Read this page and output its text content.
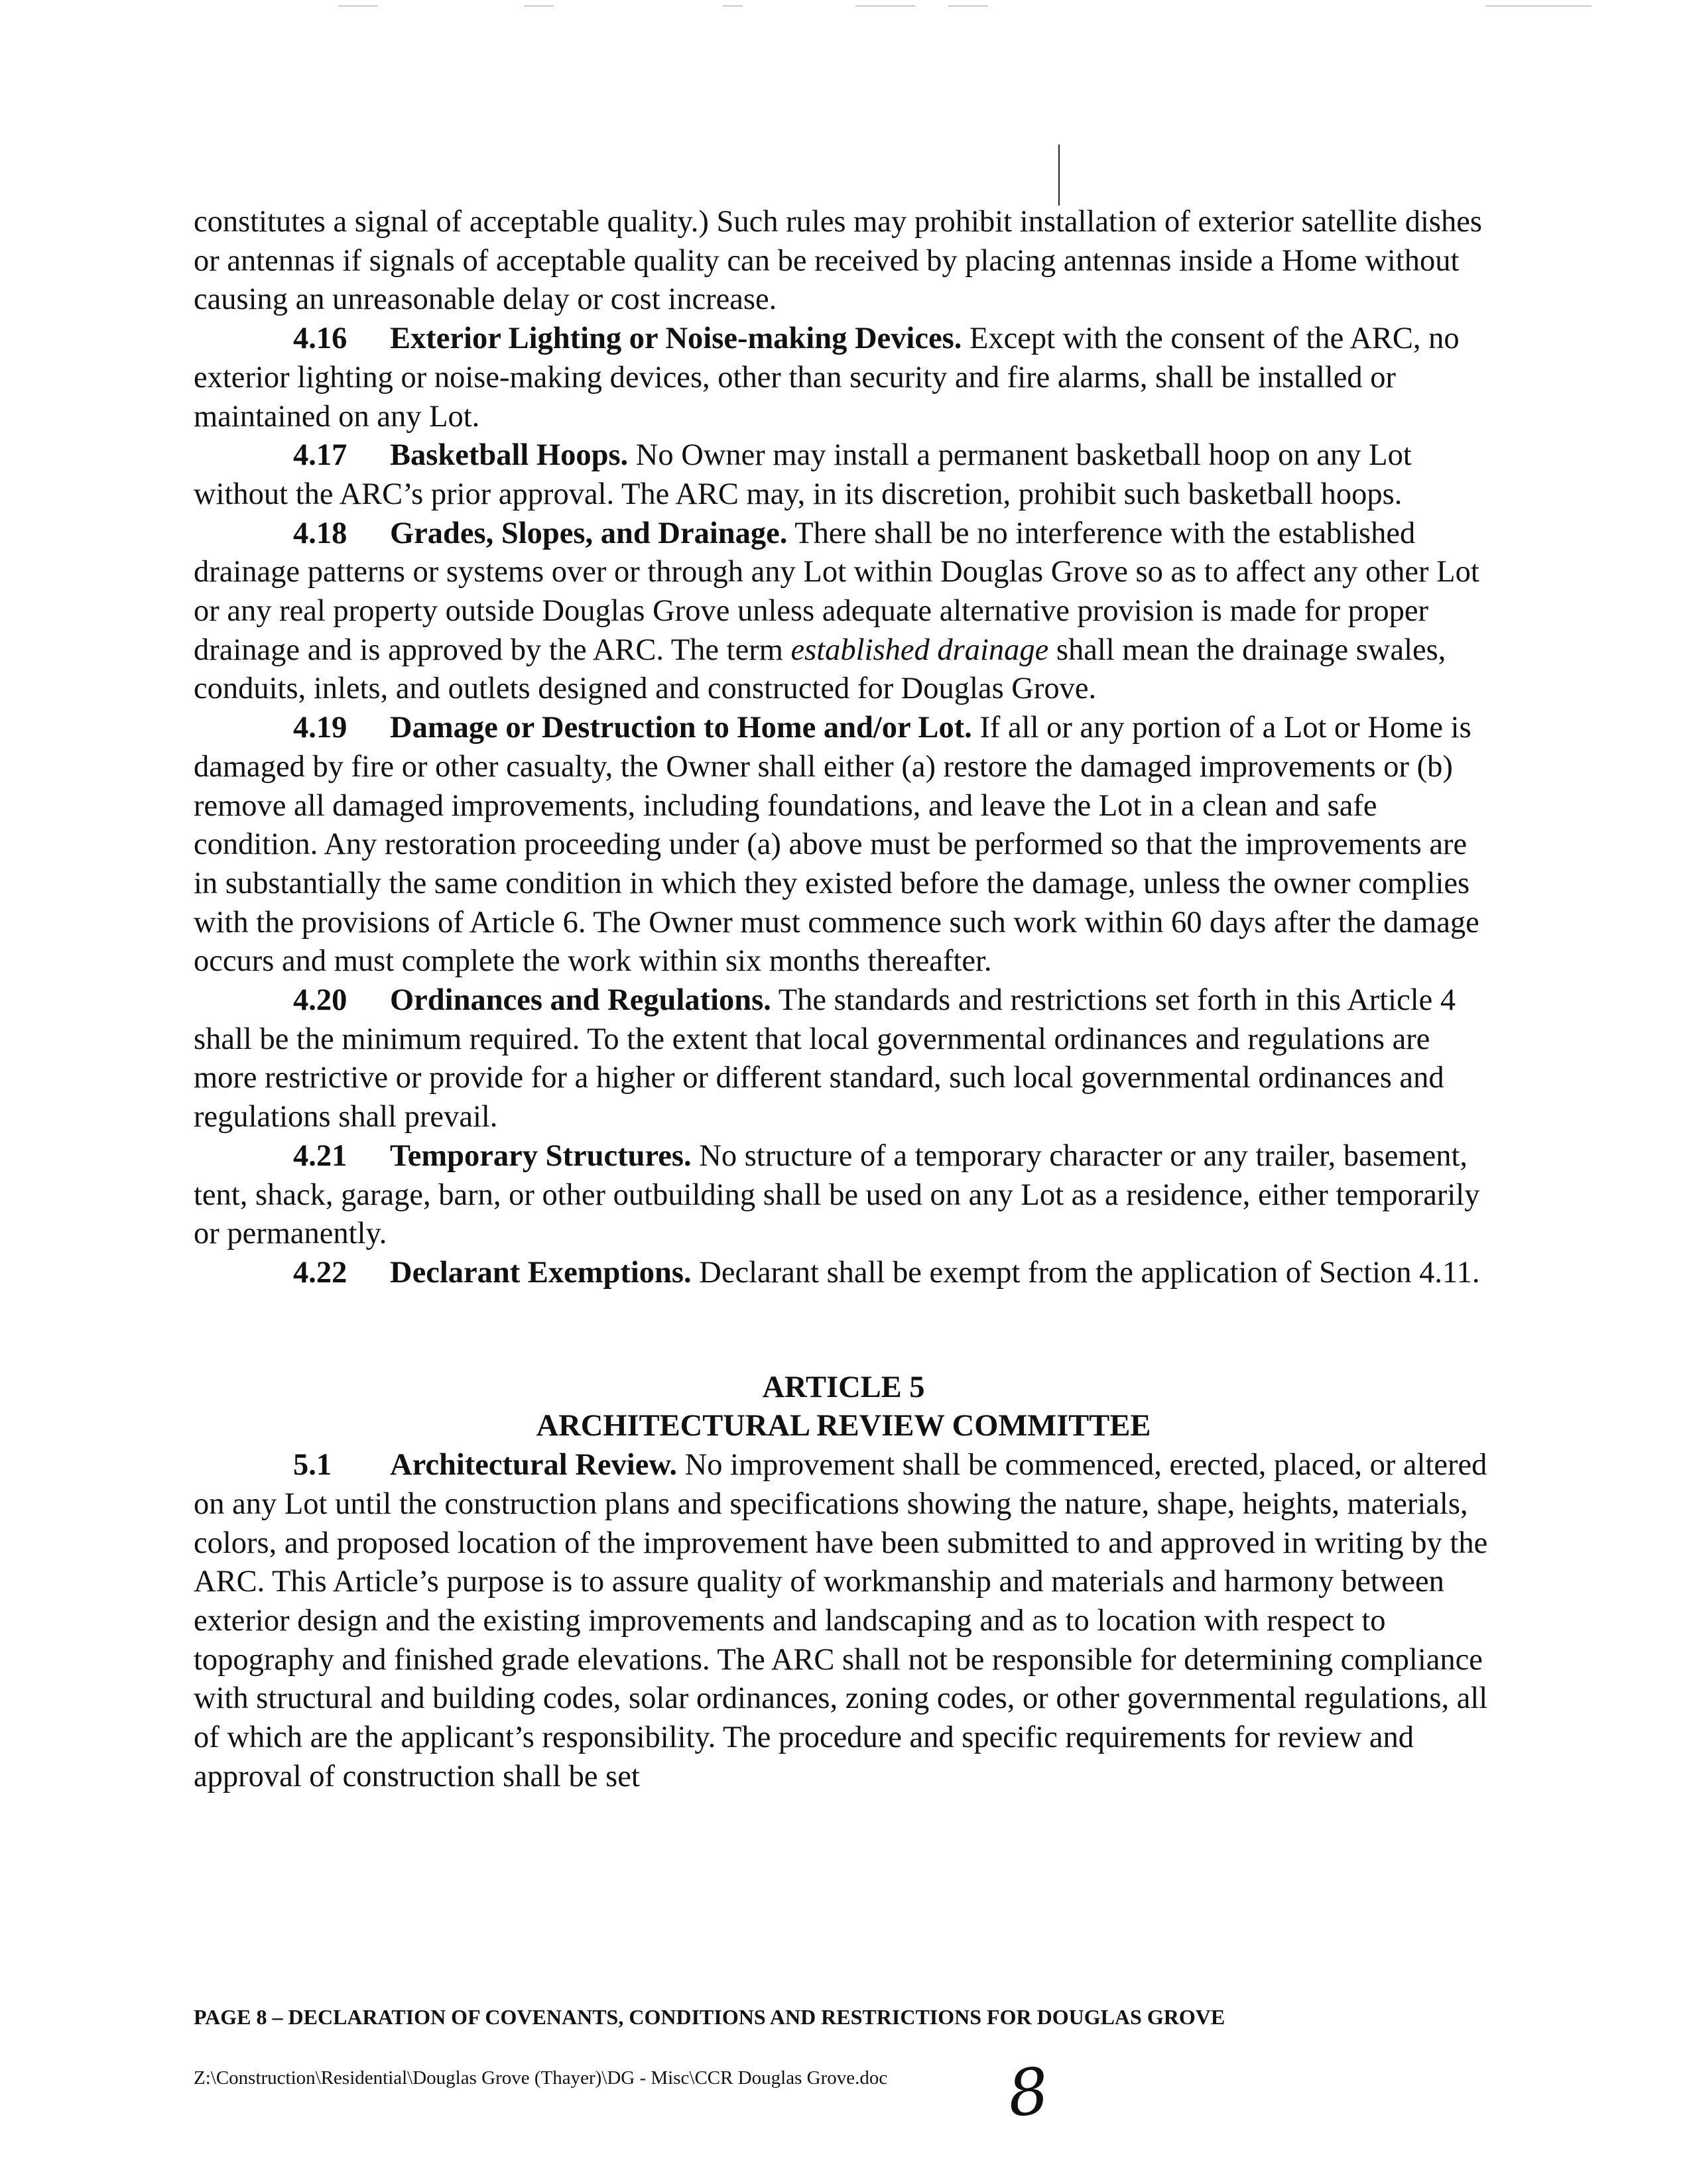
constitutes a signal of acceptable quality.) Such rules may prohibit installation of exterior satellite dishes or antennas if signals of acceptable quality can be received by placing antennas inside a Home without causing an unreasonable delay or cost increase.

4.16 Exterior Lighting or Noise-making Devices. Except with the consent of the ARC, no exterior lighting or noise-making devices, other than security and fire alarms, shall be installed or maintained on any Lot.

4.17 Basketball Hoops. No Owner may install a permanent basketball hoop on any Lot without the ARC’s prior approval. The ARC may, in its discretion, prohibit such basketball hoops.

4.18 Grades, Slopes, and Drainage. There shall be no interference with the established drainage patterns or systems over or through any Lot within Douglas Grove so as to affect any other Lot or any real property outside Douglas Grove unless adequate alternative provision is made for proper drainage and is approved by the ARC. The term established drainage shall mean the drainage swales, conduits, inlets, and outlets designed and constructed for Douglas Grove.

4.19 Damage or Destruction to Home and/or Lot. If all or any portion of a Lot or Home is damaged by fire or other casualty, the Owner shall either (a) restore the damaged improvements or (b) remove all damaged improvements, including foundations, and leave the Lot in a clean and safe condition. Any restoration proceeding under (a) above must be performed so that the improvements are in substantially the same condition in which they existed before the damage, unless the owner complies with the provisions of Article 6. The Owner must commence such work within 60 days after the damage occurs and must complete the work within six months thereafter.

4.20 Ordinances and Regulations. The standards and restrictions set forth in this Article 4 shall be the minimum required. To the extent that local governmental ordinances and regulations are more restrictive or provide for a higher or different standard, such local governmental ordinances and regulations shall prevail.

4.21 Temporary Structures. No structure of a temporary character or any trailer, basement, tent, shack, garage, barn, or other outbuilding shall be used on any Lot as a residence, either temporarily or permanently.

4.22 Declarant Exemptions. Declarant shall be exempt from the application of Section 4.11.

ARTICLE 5

ARCHITECTURAL REVIEW COMMITTEE

5.1 Architectural Review. No improvement shall be commenced, erected, placed, or altered on any Lot until the construction plans and specifications showing the nature, shape, heights, materials, colors, and proposed location of the improvement have been submitted to and approved in writing by the ARC. This Article’s purpose is to assure quality of workmanship and materials and harmony between exterior design and the existing improvements and landscaping and as to location with respect to topography and finished grade elevations. The ARC shall not be responsible for determining compliance with structural and building codes, solar ordinances, zoning codes, or other governmental regulations, all of which are the applicant’s responsibility. The procedure and specific requirements for review and approval of construction shall be set

PAGE 8 – DECLARATION OF COVENANTS, CONDITIONS AND RESTRICTIONS FOR DOUGLAS GROVE
Z:\Construction\Residential\Douglas Grove (Thayer)\DG - Misc\CCR Douglas Grove.doc 8
